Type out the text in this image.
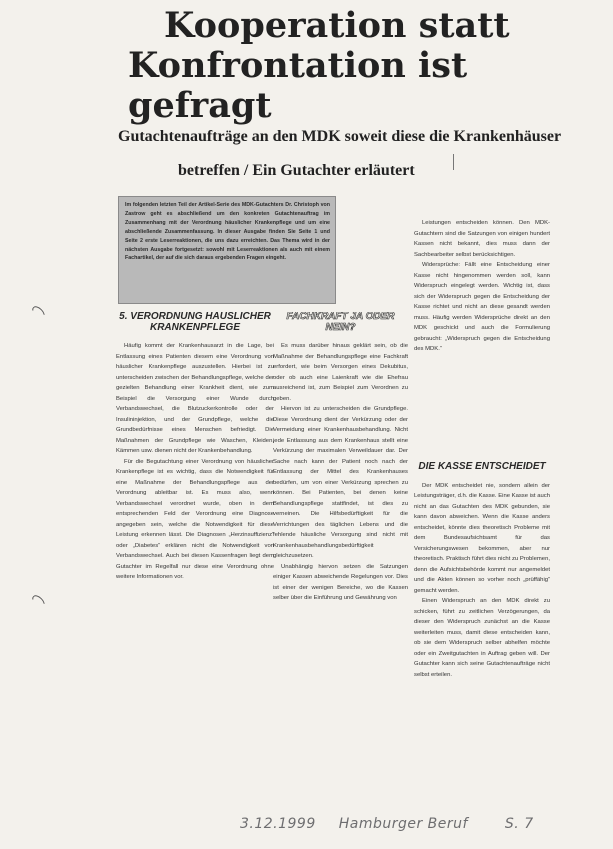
Kooperation statt
Konfrontation ist gefragt
Gutachtenaufträge an den MDK soweit diese die Krankenhäuser
betreffen / Ein Gutachter erläutert
Im folgenden letzten Teil der Artikel-Serie des MDK-Gutachters Dr. Christoph von Zastrow geht es abschließend um den konkreten Gutachtenauftrag im Zusammenhang mit der Verordnung häuslicher Krankenpflege und um eine abschließende Zusammenfassung. In dieser Ausgabe finden Sie Seite 1 und Seite 2 erste Leserreaktionen, die uns dazu erreichten. Das Thema wird in der nächsten Ausgabe fortgesetzt: sowohl mit Leserreaktionen als auch mit einem Fachartikel, der auf die sich daraus ergebenden Fragen eingeht.
5. VERORDNUNG HÄUSLICHER KRANKENPFLEGE

Häufig kommt der Krankenhausarzt in die Lage, bei Entlassung eines Patienten diesem eine Verordnung von häuslicher Krankenpflege auszustellen. Hierbei ist zu unterscheiden zwischen der Behandlungspflege, welche der gezielten Behandlung einer Krankheit dient, wie zum Beispiel die Versorgung einer Wunde durch Verbandswechsel, die Blutzuckerkontrolle oder der Insulininjektion, und der Grundpflege, welche die Grundbedürfnisse eines Menschen befriedigt. Die Maßnahmen der Grundpflege wie Waschen, Kleiden, Kämmen usw. dienen nicht der Krankenbehandlung.

Für die Begutachtung einer Verordnung von häuslicher Krankenpflege ist es wichtig, dass die Notwendigkeit für eine Maßnahme der Behandlungspflege aus der Verordnung ableitbar ist. Es muss also, wenn Verbandswechsel verordnet wurde, oben in dem entsprechenden Feld der Verordnung eine Diagnose angegeben sein, welche die Notwendigkeit für diese Leistung erkennen lässt. Die Diagnosen „Herzinsuffizienz“ oder „Diabetes“ erklären nicht die Notwendigkeit von Verbandswechsel. Auch bei diesen Kassenfragen liegt dem Gutachter im Regelfall nur diese eine Verordnung ohne weitere Informationen vor.

FACHKRAFT JA ODER NEIN?

Es muss darüber hinaus geklärt sein, ob die Maßnahme der Behandlungspflege eine Fachkraft erfordert, wie beim Versorgen eines Dekubitus, oder ob auch eine Laienkraft wie die Ehefrau ausreichend ist, zum Beispiel zum Verordnen zu geben.

Hiervon ist zu unterscheiden die Grundpflege. Diese Verordnung dient der Verkürzung oder der Vermeidung einer Krankenhausbehandlung. Nicht jede Entlassung aus dem Krankenhaus stellt eine Verkürzung der maximalen Verweildauer dar. Der Sache nach kann der Patient noch nach der Entlassung der Mittel des Krankenhauses bedürfen, um von einer Verkürzung sprechen zu können. Bei Patienten, bei denen keine Behandlungspflege stattfindet, ist dies zu verneinen. Die Hilfsbedürftigkeit für die Verrichtungen des täglichen Lebens und die fehlende häusliche Versorgung sind nicht mit Krankenhausbehandlungsbedürftigkeit gleichzusetzen.

Unabhängig hiervon setzen die Satzungen einiger Kassen abweichende Regelungen vor. Dies ist einer der wenigen Bereiche, wo die Kassen selber über die Einführung und Gewährung von

Leistungen entscheiden können. Den MDK-Gutachtern sind die Satzungen von einigen hundert Kassen nicht bekannt, dies muss dann der Sachbearbeiter selbst berücksichtigen.

Widersprüche: Fällt eine Entscheidung einer Kasse nicht hingenommen werden soll, kann Widerspruch eingelegt werden. Wichtig ist, dass sich der Widerspruch gegen die Entscheidung der Kasse richtet und nicht an diese gesandt werden muss. Häufig werden Widersprüche direkt an den MDK geschickt und auch die Formulierung gebraucht: „Widerspruch gegen die Entscheidung des MDK.“

DIE KASSE ENTSCHEIDET

Der MDK entscheidet nie, sondern allein der Leistungsträger, d.h. die Kasse. Eine Kasse ist auch nicht an das Gutachten des MDK gebunden, sie kann davon abweichen. Wenn die Kasse anders entscheidet, könnte dies theoretisch Probleme mit dem Bundesaufsichtsamt für das Versicherungswesen bekommen, aber nur theoretisch. Praktisch führt dies nicht zu Problemen, denn die Aufsichtsbehörde kommt nur angemeldet und die Akten können so vorher noch „prüffähig“ gemacht werden.

Einen Widerspruch an den MDK direkt zu schicken, führt zu zeitlichen Verzögerungen, da dieser den Widerspruch zunächst an die Kasse weiterleiten muss, damit diese entscheiden kann, ob sie dem Widerspruch selber abhelfen möchte oder ein Zweitgutachten in Auftrag geben will. Der Gutachter kann sich seine Gutachtenaufträge nicht selbst erteilen.

3.12.1999 Hamburger Beruf	S. 7
